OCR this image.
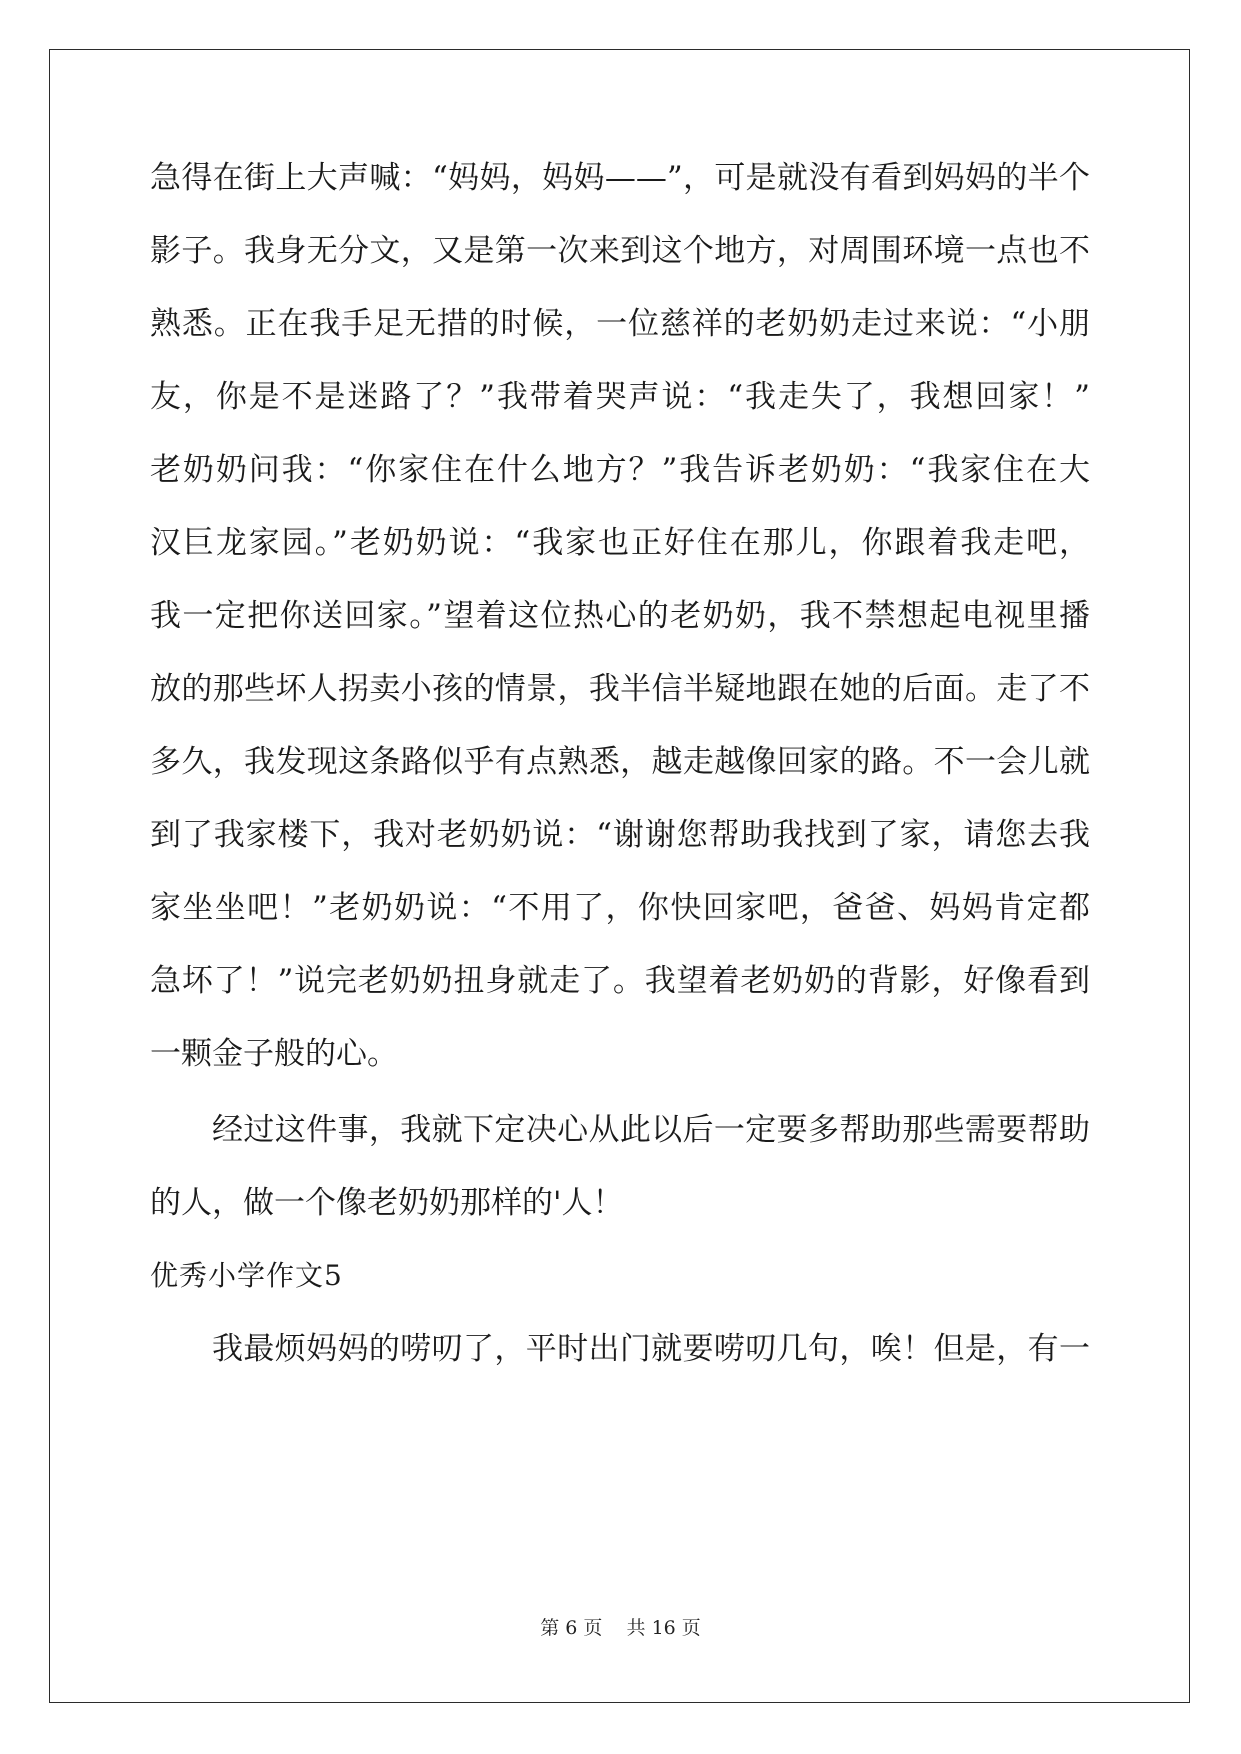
急得在街上大声喊：“妈妈，妈妈——”，可是就没有看到妈妈的半个
影子。我身无分文，又是第一次来到这个地方，对周围环境一点也不
熟悉。正在我手足无措的时候，一位慈祥的老奶奶走过来说：“小朋
友，你是不是迷路了？”我带着哭声说：“我走失了，我想回家！”
老奶奶问我：“你家住在什么地方？”我告诉老奶奶：“我家住在大
汉巨龙家园。”老奶奶说：“我家也正好住在那儿，你跟着我走吧，
我一定把你送回家。”望着这位热心的老奶奶，我不禁想起电视里播
放的那些坏人拐卖小孩的情景，我半信半疑地跟在她的后面。走了不
多久，我发现这条路似乎有点熟悉，越走越像回家的路。不一会儿就
到了我家楼下，我对老奶奶说：“谢谢您帮助我找到了家，请您去我
家坐坐吧！”老奶奶说：“不用了，你快回家吧，爸爸、妈妈肯定都
急坏了！”说完老奶奶扭身就走了。我望着老奶奶的背影，好像看到
一颗金子般的心。
经过这件事，我就下定决心从此以后一定要多帮助那些需要帮助
的人，做一个像老奶奶那样的'人！
优秀小学作文5
我最烦妈妈的唠叨了，平时出门就要唠叨几句，唉！但是，有一
第 6 页 共 16 页
